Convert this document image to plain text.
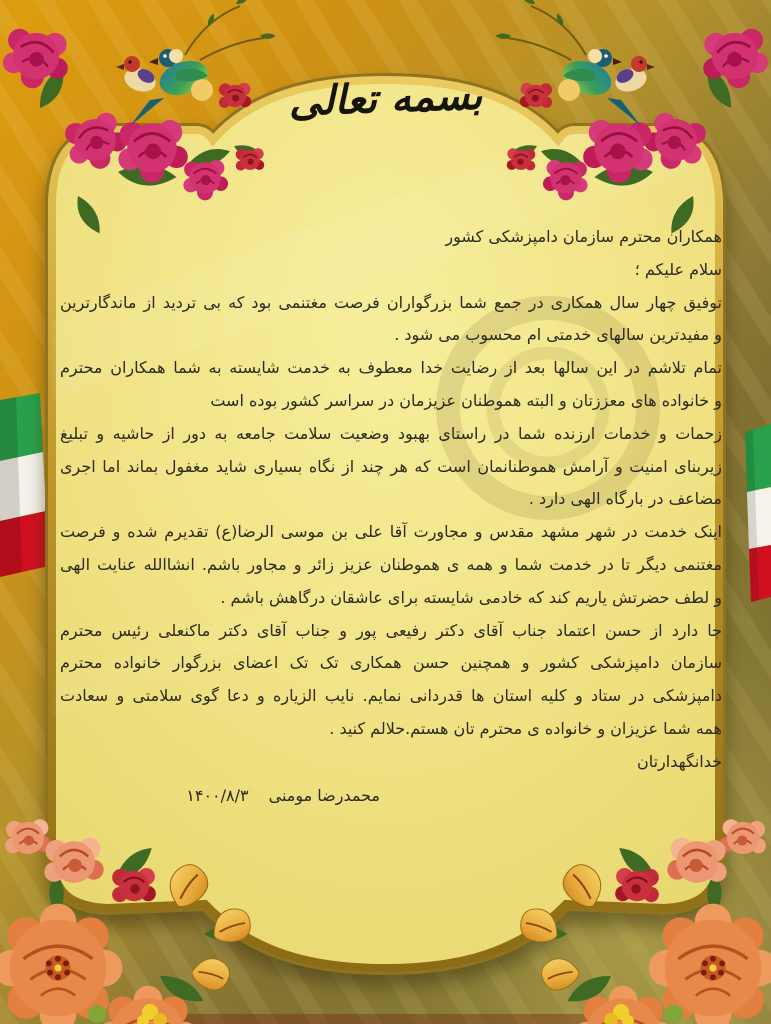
بسمه تعالی
همکاران محترم سازمان دامپزشکی کشور
سلام علیکم ؛
توفیق چهار سال همکاری در جمع شما بزرگواران فرصت مغتنمی بود که بی تردید از ماندگارترین
و مفیدترین سالهای خدمتی ام محسوب می شود .
تمام تلاشم در این سالها بعد از رضایت خدا معطوف به خدمت شایسته به شما همکاران محترم
و خانواده های معززتان و البته هموطنان عزیزمان در سراسر کشور بوده است
زحمات و خدمات ارزنده شما در راستای بهبود وضعیت سلامت جامعه به دور از حاشیه و تبلیغ
زیربنای امنیت و آرامش هموطنانمان است که هر چند از نگاه بسیاری شاید مغفول بماند اما اجری
مضاعف در بارگاه الهی دارد .
اینک خدمت در شهر مشهد مقدس و مجاورت آقا علی بن موسی الرضا(ع) تقدیرم شده و فرصت
مغتنمی دیگر تا در خدمت شما و همه ی هموطنان عزیز زائر و مجاور باشم. انشاالله عنایت الهی
و لطف حضرتش یاریم کند که خادمی شایسته برای عاشقان درگاهش باشم .
جا دارد از حسن اعتماد جناب آقای دکتر رفیعی پور و جناب آقای دکتر ماکنعلی رئیس محترم
سازمان دامپزشکی کشور و همچنین حسن همکاری تک تک اعضای بزرگوار خانواده محترم
دامپزشکی در ستاد و کلیه استان ها قدردانی نمایم. نایب الزیاره و دعا گوی سلامتی و سعادت
همه شما عزیزان و خانواده ی محترم تان هستم.حلالم کنید .
خدانگهدارتان
محمدرضا مومنی۱۴۰۰/۸/۳
